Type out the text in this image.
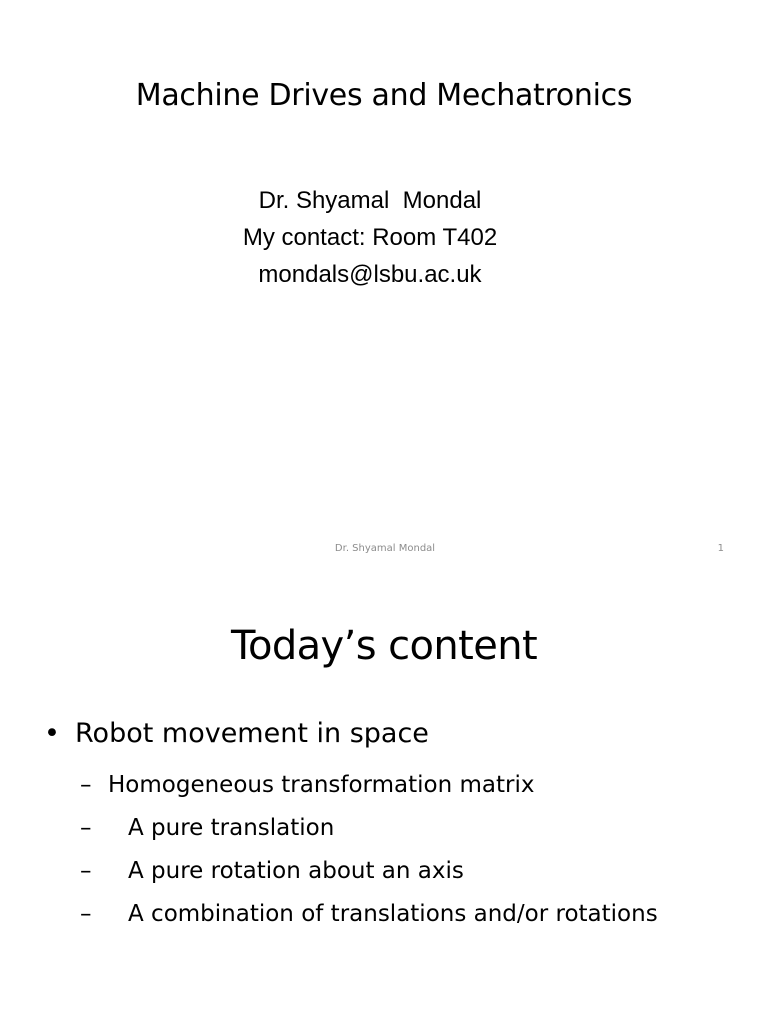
Machine Drives and Mechatronics
Dr. Shyamal  Mondal
My contact: Room T402
mondals@lsbu.ac.uk
Dr. Shyamal Mondal	1
Today’s content
• Robot movement in space
– Homogeneous transformation matrix
– A pure translation
– A pure rotation about an axis
– A combination of translations and/or rotations
